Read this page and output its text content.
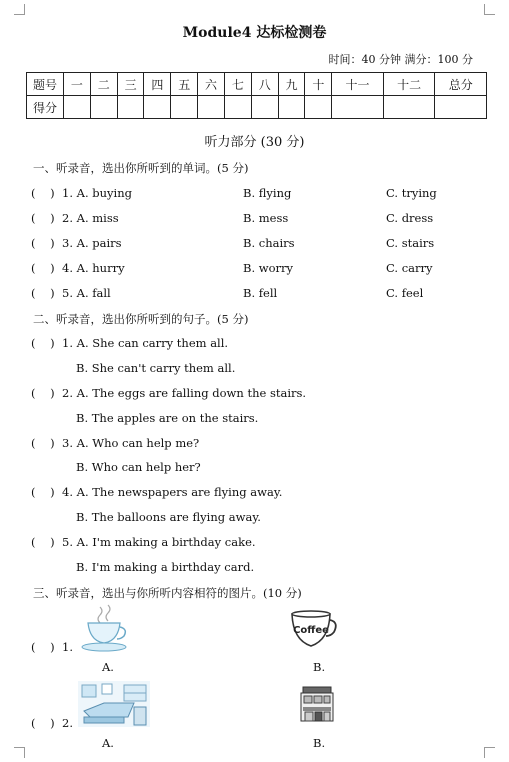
Module4 达标检测卷
时间：40 分钟 满分：100 分
题号	一	二	三	四	五	六	七	八	九	十	十一	十二	总分
得分													
听力部分 (30 分)
一、听录音，选出你所听到的单词。(5 分)
( ) 1. A. buying	B. flying	C. trying
( ) 2. A. miss	B. mess	C. dress
( ) 3. A. pairs	B. chairs	C. stairs
( ) 4. A. hurry	B. worry	C. carry
( ) 5. A. fall	B. fell	C. feel
二、听录音，选出你所听到的句子。(5 分)
( ) 1. A. She can carry them all.
B. She can't carry them all.
( ) 2. A. The eggs are falling down the stairs.
B. The apples are on the stairs.
( ) 3. A. Who can help me?
B. Who can help her?
( ) 4. A. The newspapers are flying away.
B. The balloons are flying away.
( ) 5. A. I'm making a birthday cake.
B. I'm making a birthday card.
三、听录音，选出与你所听内容相符的图片。(10 分)
( ) 1.
A.
Coffee
B.
( ) 2.
A.	B.
